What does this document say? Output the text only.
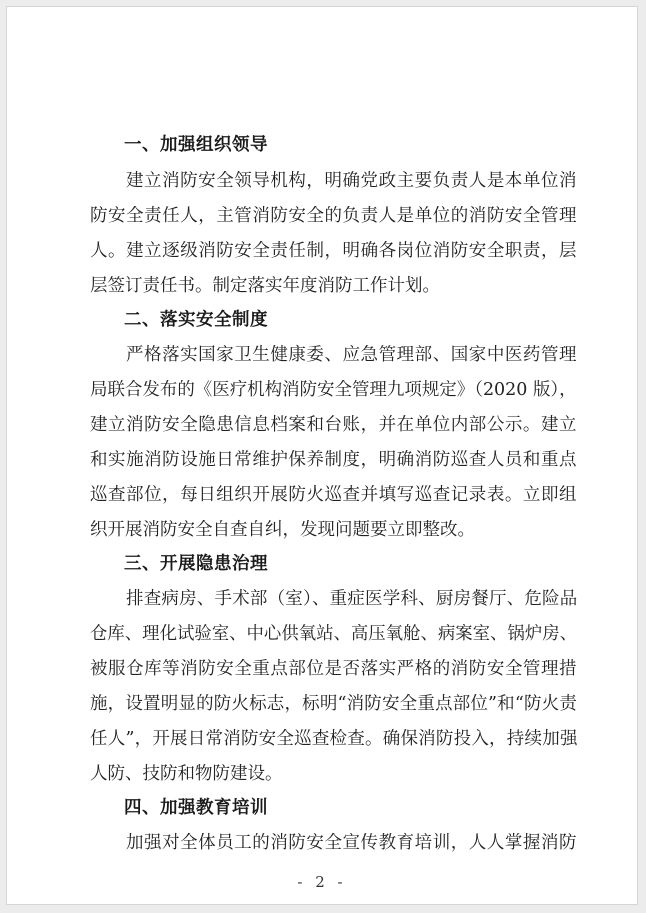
一、加强组织领导
建立消防安全领导机构，明确党政主要负责人是本单位消
防安全责任人，主管消防安全的负责人是单位的消防安全管理
人。建立逐级消防安全责任制，明确各岗位消防安全职责，层
层签订责任书。制定落实年度消防工作计划。
二、落实安全制度
严格落实国家卫生健康委、应急管理部、国家中医药管理
局联合发布的《医疗机构消防安全管理九项规定》（2020 版），
建立消防安全隐患信息档案和台账，并在单位内部公示。建立
和实施消防设施日常维护保养制度，明确消防巡查人员和重点
巡查部位，每日组织开展防火巡查并填写巡查记录表。立即组
织开展消防安全自查自纠，发现问题要立即整改。
三、开展隐患治理
排查病房、手术部（室）、重症医学科、厨房餐厅、危险品
仓库、理化试验室、中心供氧站、高压氧舱、病案室、锅炉房、
被服仓库等消防安全重点部位是否落实严格的消防安全管理措
施，设置明显的防火标志，标明“消防安全重点部位”和“防火责
任人”，开展日常消防安全巡查检查。确保消防投入，持续加强
人防、技防和物防建设。
四、加强教育培训
加强对全体员工的消防安全宣传教育培训，人人掌握消防
- 2 -
